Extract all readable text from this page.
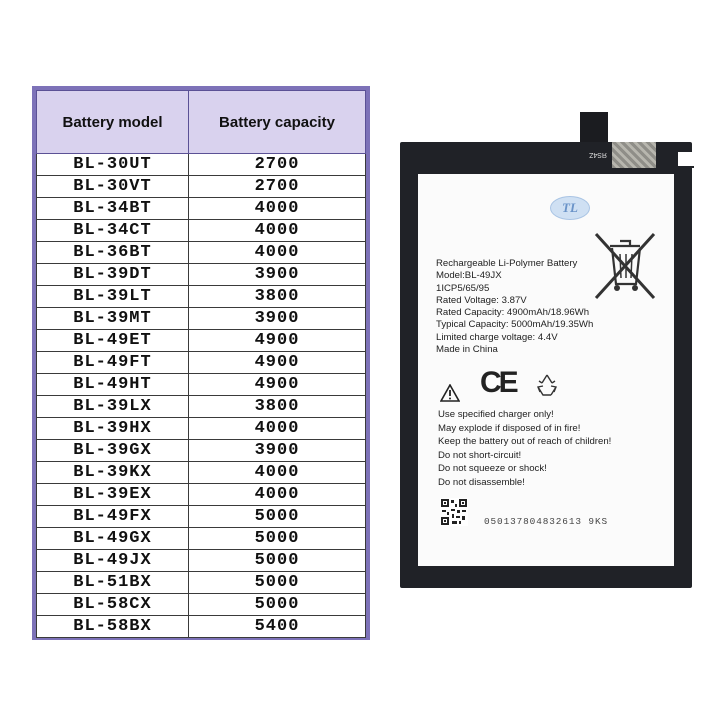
Battery model	Battery capacity
BL-30UT	2700
BL-30VT	2700
BL-34BT	4000
BL-34CT	4000
BL-36BT	4000
BL-39DT	3900
BL-39LT	3800
BL-39MT	3900
BL-49ET	4900
BL-49FT	4900
BL-49HT	4900
BL-39LX	3800
BL-39HX	4000
BL-39GX	3900
BL-39KX	4000
BL-39EX	4000
BL-49FX	5000
BL-49GX	5000
BL-49JX	5000
BL-51BX	5000
BL-58CX	5000
BL-58BX	5400
ЯS4Z
TL
Rechargeable Li-Polymer Battery
Model:BL-49JX
1ICP5/65/95
Rated Voltage: 3.87V
Rated Capacity: 4900mAh/18.96Wh
Typical Capacity: 5000mAh/19.35Wh
Limited charge voltage: 4.4V
Made in China
CE
Use specified charger only!
May explode if disposed of in fire!
Keep the battery out of reach of children!
Do not short-circuit!
Do not squeeze or shock!
Do not disassemble!
050137804832613 9KS
